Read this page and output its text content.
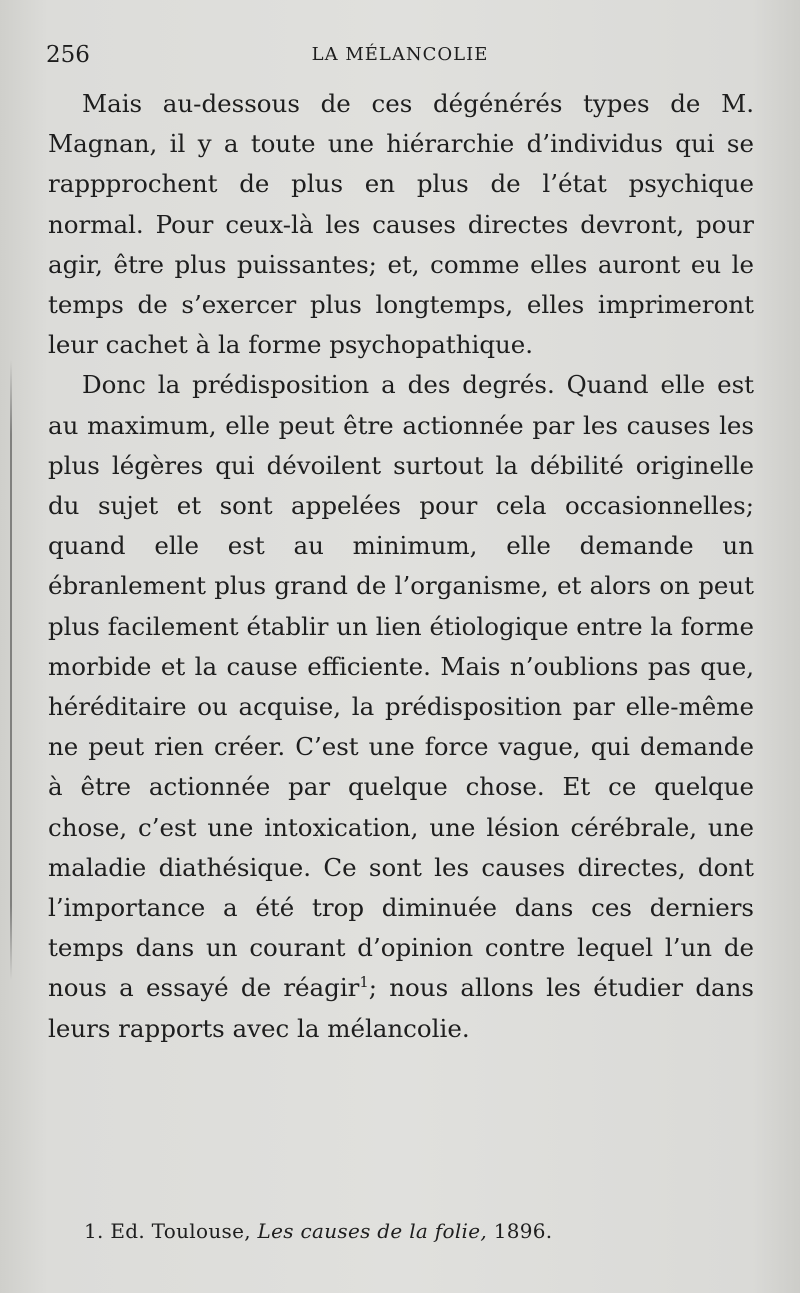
256	LA MÉLANCOLIE

Mais au-dessous de ces dégénérés types de M. Magnan, il y a toute une hiérarchie d’individus qui se rappprochent de plus en plus de l’état psychique normal. Pour ceux-là les causes directes devront, pour agir, être plus puissantes; et, comme elles auront eu le temps de s’exercer plus longtemps, elles imprimeront leur cachet à la forme psychopathique.

Donc la prédisposition a des degrés. Quand elle est au maximum, elle peut être actionnée par les causes les plus légères qui dévoilent surtout la débilité originelle du sujet et sont appelées pour cela occasionnelles; quand elle est au minimum, elle demande un ébranlement plus grand de l’organisme, et alors on peut plus facilement établir un lien étiologique entre la forme morbide et la cause efficiente. Mais n’oublions pas que, héréditaire ou acquise, la prédisposition par elle-même ne peut rien créer. C’est une force vague, qui demande à être actionnée par quelque chose. Et ce quelque chose, c’est une intoxication, une lésion cérébrale, une maladie diathésique. Ce sont les causes directes, dont l’importance a été trop diminuée dans ces derniers temps dans un courant d’opinion contre lequel l’un de nous a essayé de réagir$^1$; nous allons les étudier dans leurs rapports avec la mélancolie.

1. Ed. Toulouse, Les causes de la folie, 1896.
